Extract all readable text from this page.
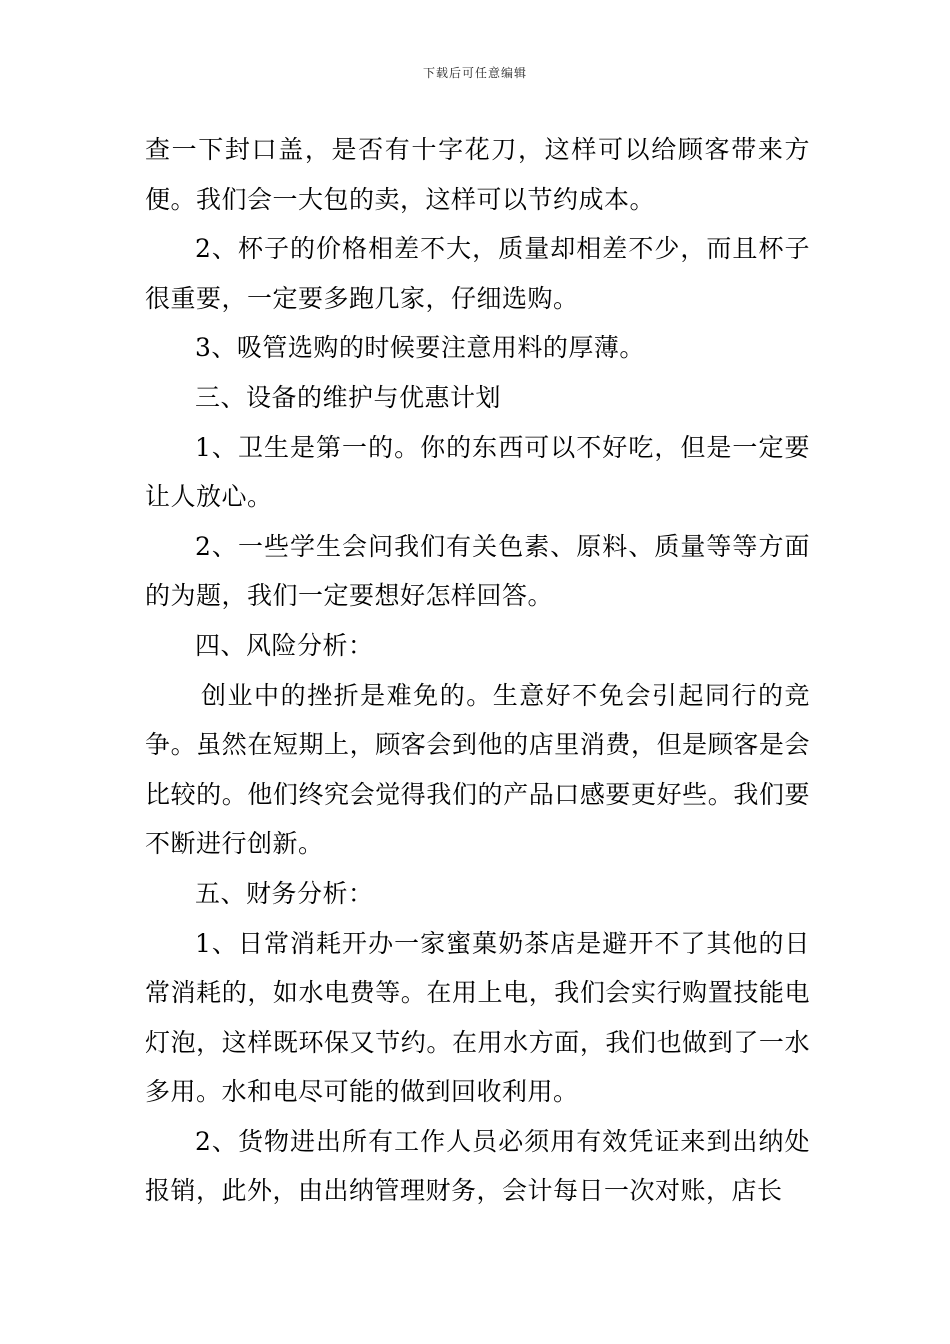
下载后可任意编辑

查一下封口盖，是否有十字花刀，这样可以给顾客带来方便。我们会一大包的卖，这样可以节约成本。

2、杯子的价格相差不大，质量却相差不少，而且杯子很重要，一定要多跑几家，仔细选购。

3、吸管选购的时候要注意用料的厚薄。

三、设备的维护与优惠计划

1、卫生是第一的。你的东西可以不好吃，但是一定要让人放心。

2、一些学生会问我们有关色素、原料、质量等等方面的为题，我们一定要想好怎样回答。

四、风险分析：

创业中的挫折是难免的。生意好不免会引起同行的竞争。虽然在短期上，顾客会到他的店里消费，但是顾客是会比较的。他们终究会觉得我们的产品口感要更好些。我们要不断进行创新。

五、财务分析：

1、日常消耗开办一家蜜菓奶茶店是避开不了其他的日常消耗的，如水电费等。在用上电，我们会实行购置技能电灯泡，这样既环保又节约。在用水方面，我们也做到了一水多用。水和电尽可能的做到回收利用。

2、货物进出所有工作人员必须用有效凭证来到出纳处报销，此外，由出纳管理财务，会计每日一次对账，店长
